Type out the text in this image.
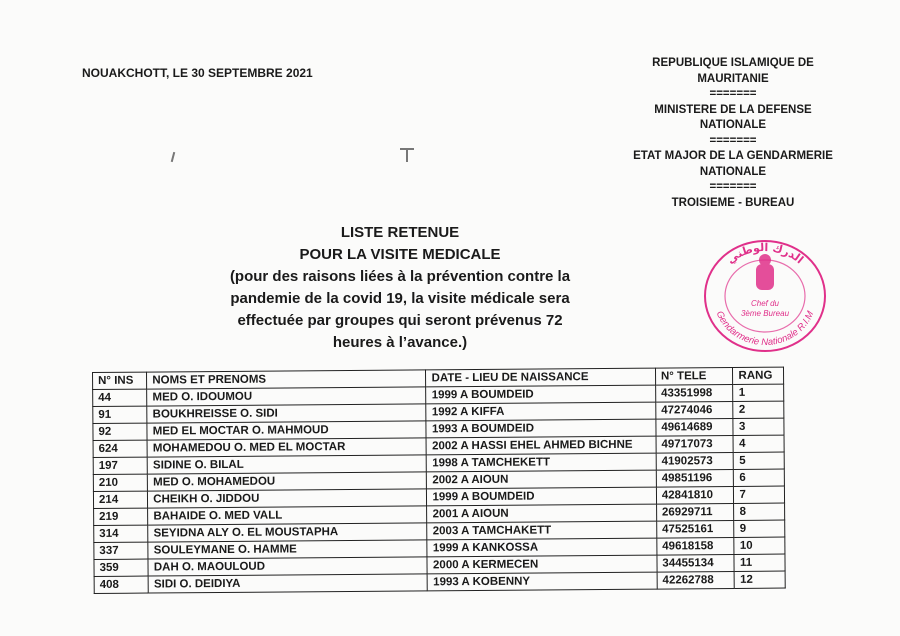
NOUAKCHOTT, LE 30 SEPTEMBRE 2021
REPUBLIQUE ISLAMIQUE DE
MAURITANIE
=======
MINISTERE DE LA DEFENSE
NATIONALE
=======
ETAT MAJOR DE LA GENDARMERIE
NATIONALE
=======
TROISIEME - BUREAU
LISTE RETENUE
POUR LA VISITE MEDICALE
(pour des raisons liées à la prévention contre la
pandemie de la covid 19, la visite médicale sera
effectuée par groupes qui seront prévenus 72
heures à l’avance.)
الدرك الوطني
Gendarmerie Nationale R.I.M
Chef du
3ème Bureau
N° INS	NOMS ET PRENOMS	DATE - LIEU DE NAISSANCE	N° TELE	RANG
44	MED O. IDOUMOU	1999 A BOUMDEID	43351998	1
91	BOUKHREISSE O. SIDI	1992 A KIFFA	47274046	2
92	MED EL MOCTAR O. MAHMOUD	1993 A BOUMDEID	49614689	3
624	MOHAMEDOU O. MED EL MOCTAR	2002 A HASSI EHEL AHMED BICHNE	49717073	4
197	SIDINE O. BILAL	1998 A TAMCHEKETT	41902573	5
210	MED O. MOHAMEDOU	2002 A AIOUN	49851196	6
214	CHEIKH O. JIDDOU	1999 A BOUMDEID	42841810	7
219	BAHAIDE O. MED VALL	2001 A AIOUN	26929711	8
314	SEYIDNA ALY O. EL MOUSTAPHA	2003 A TAMCHAKETT	47525161	9
337	SOULEYMANE O. HAMME	1999 A KANKOSSA	49618158	10
359	DAH O. MAOULOUD	2000 A KERMECEN	34455134	11
408	SIDI O. DEIDIYA	1993 A KOBENNY	42262788	12
